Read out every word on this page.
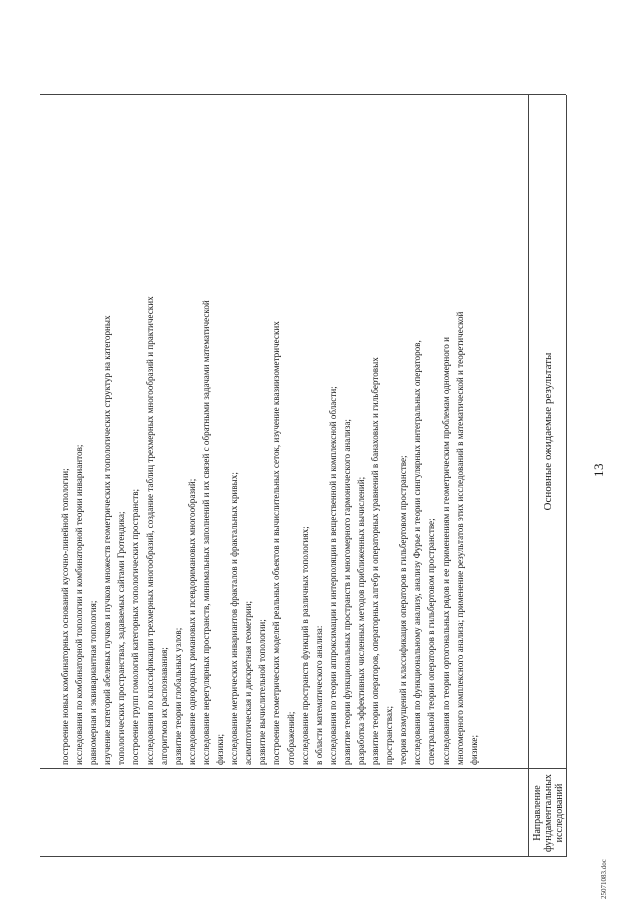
13
25071083.doc
Направление фундаментальных исследований
Основные ожидаемые результаты
построение новых комбинаторных оснований кусочно-линейной топологии; исследования по комбинаторной топологии и комбинаторной теории инвариантов; равномерная и эквивариантная топология; изучение категорий абелевых пучков и пучков множеств геометрических и топологических структур на категорных топологических пространствах, задаваемых сайтами Гротендика; построение групп гомологий категорных топологических пространств; исследования по классификации трехмерных многообразий, создание таблиц трехмерных многообразий и практических алгоритмов их распознавания; развитие теории глобальных узлов; исследование однородных римановых и псевдоримановых многообразий; исследование нерегулярных пространств, минимальных заполнений и их связей с обратными задачами математической физики; исследование метрических инвариантов фракталов и фрактальных кривых; асимптотическая и дискретная геометрии; развитие вычислительной топологии; построение геометрических моделей реальных объектов и вычислительных сеток, изучение квазиизометрических отображений; исследование пространств функций в различных топологиях; в области математического анализа: исследования по теории аппроксимации и интерполяции в вещественной и комплексной области; развитие теории функциональных пространств и многомерного гармонического анализа; разработка эффективных численных методов приближенных вычислений; развитие теории операторов, операторных алгебр и операторных уравнений в банаховых и гильбертовых пространствах; теория возмущений и классификация операторов в гильбертовом пространстве; исследования по функциональному анализу, анализу Фурье и теории сингулярных интегральных операторов, спектральной теории операторов в гильбертовом пространстве; исследования по теории ортогональных рядов и ее применениям и геометрическим проблемам одномерного и многомерного комплексного анализа; применение результатов этих исследований в математической и теоретической физике;
